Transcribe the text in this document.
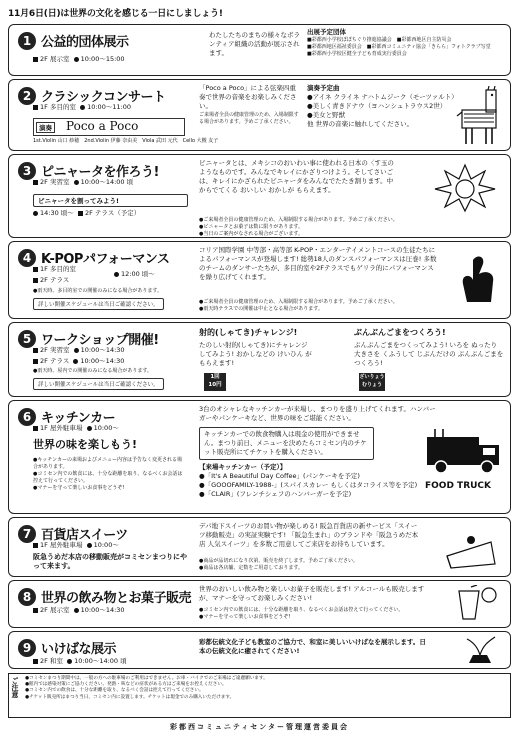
11月6日(日)は世界の文化を感じる一日にしましょう!
1 公益的団体展示
2F 展示室 10:00～15:00
わたしたちのまちの様々なボランティア組織の活動が展示されます。
出展予定団体
■彩都西小学校ぽぽちぐり推進協議会　■彩都西地区自主防災会
■彩都西地区福祉委員会　■彩都西コミュニティ協会「きらら」フォトクラブ写堂
■彩都西小学校区健全子ども育成実行委員会
2 クラシックコンサート
1F 多目的室 10:00～11:00
演奏 Poco a Poco
1st.Violin 山口 紗穂　2nd.Violin 伊藤 奈由美　Viola 武田 元代　Cello 大槻 友子
「Poco a Poco」による弦楽四重奏で世界の音楽をお楽しみください。
ご来場者全員の健康管理のため、入場制限する場合があります。予めご了承ください。
演奏予定曲
●アイネ クライネ ナハトムジーク（モーツァルト）
●美しく青きドナウ（ヨハンシュトラウス2世）
●美女と野獣
他 世界の音楽に触れしてください。
3 ピニャータを作ろう!
2F 実習室 10:00～14:00 頃
ピニャータを割ってみよう!
14:30 頃～ 2F テラス（予定）
ピニャータとは、メキシコのおいわい事に使われる日本の〈す玉のようなものです。みんなでキレイにかざりつけよう。そしてさいごは、キレイにかざられたピニャータをみんなでたたき割ります。中からでてくる おいしい おかしが もらえます。
●ご来場者全員の健康管理のため、入場制限する場合があります。予めご了承ください。
●ピニャータとお菓子は数に限りがあります。
●当日のご案内がなされる場合がございます。
4 K-POPパフォーマンス
1F 多目的室
2F テラス
12:00 頃～
●雨天時、多目的室での開催のみになる場合があります。
詳しい開催スケジュールは当日ご確認ください。
コリア国際学園 中等部・高等部 K-POP・エンターテイメントコースの生徒たちによるパフォーマンスが登場します! 総勢18人のダンスパフォーマンスは圧巻! 多数のチームのダンサーたちが、多目的室や2Fテラスでもゲリラ的にパフォーマンスを繰り広げてくれます。
●ご来場者全員の健康管理のため、入場制限する場合があります。予めご了承ください。
●雨天時テラスでの開催は中止となる場合があります。
5 ワークショップ開催!
2F 実習室 10:00～14:30
2F テラス 10:00～14:30
●雨天時、屋内での開催のみになる場合があります。
詳しい開催スケジュールは当日ご確認ください。
射的(しゃてき)チャレンジ!
たのしい射的(しゃてき)にチャレンジしてみよう! おかしなどの けいひん が もらえます!
1回
10円
ぶんぶんごまをつくろう!
ぶんぶんごまをつくってみよう! いろを ぬったり 大きさを くふうして じぶんだけの ぶんぶんごまをつくろう!
ざいりょう
むりょう
6 キッチンカー
1F 屋外駐車場 10:00～
世界の味を楽しもう!
●キッチンカーの来場およびメニュー内容は予告なく変更される場合があります。
●コミセン内での飲食には、十分な距離を取り、なるべくお会話は控えて行ってください。
●マナーを守って楽しいお食事をどうぞ!
3台のオシャレなキッチンカーが来場し、まつりを盛り上げてくれます。ハンバーガーやパンケーキなど、世界の味をご堪能ください。
キッチンカーでの飲食物購入は現金の使用ができません。まつり前日、メニューを決めたらコミセン内のチケット販売所にてチケットを購入ください。
【来場キッチンカー（予定）】
●「It's A Beautiful Day Coffee」(パンケーキを予定)
●「GOOOFAMILY-1988-」(スパイスカレー もしくはタコライス等を予定)
●「CLAIR」(フレンチシェフのハンバーガーを予定)
FOOD TRUCK
7 百貨店スイーツ
1F 屋外駐車場 10:00～
阪急うめだ本店の移動販売がコミセンまつりにやって来ます。
デパ地下スイーツのお買い物が楽しめる! 阪急百貨店の新サービス「スイーツ移動販売」の実証実験です! 「阪急生まれ」のブランドや「阪急うめだ本店 人気スイーツ」を多数ご用意してご来店をお待ちしています。
●商品が品切れになり次第、販売を終了します。予めご了承ください。
●商品は各店舗、定数をご用意しております。
8 世界の飲み物とお菓子販売
2F 展示室 10:00～14:30
世界のおいしい飲み物と楽しいお菓子を販売します! アルコールも販売しますが、マナーを守ってお楽しみください!
●コミセン内での飲食には、十分な距離を取り、なるべくお会話は控えて行ってください。
●マナーを守って楽しいお食事をどうぞ!
9 いけばな展示
2F 和室 10:00～14:00 頃
彩都伝統文化子ども教室のご協力で、和室に美しいいけばなを展示します。日本の伝統文化に癒されてください!
ご注意 ●コミセンまつり期間中は、一般の方への駐車場のご利用はできません。お車・バイクでのご来場はご遠慮願います。
●館内では感染対策にご協力ください。発熱・咳などの症状がある方はご来場をお控えください。
●コミセン内での飲食は、十分な距離を取り、なるべく会話は控えて行ってください。
●チケット販売所はまつり当日、コミセン内に設置します。チケットは現金でのみ購入いただけます。
彩都西コミュニティセンター管理運営委員会
